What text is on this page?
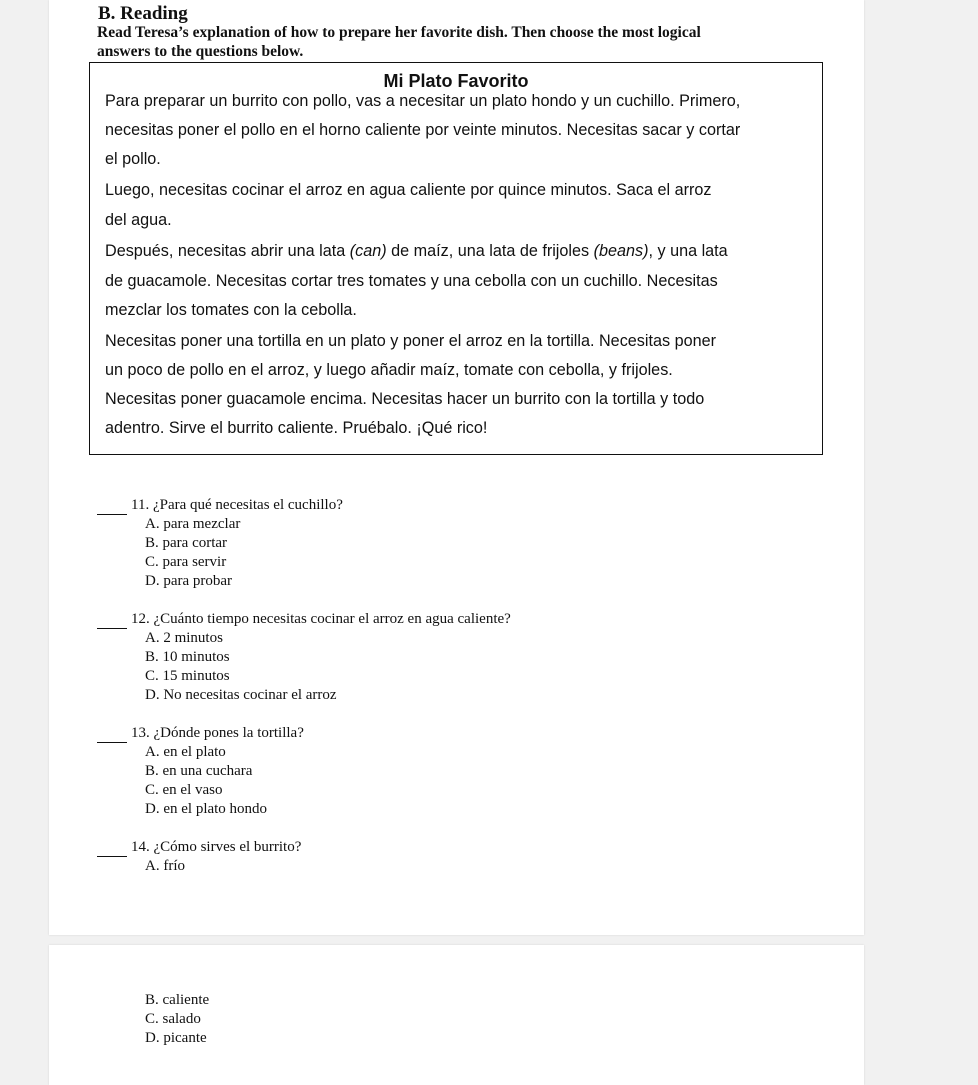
B. Reading
Read Teresa’s explanation of how to prepare her favorite dish. Then choose the most logical
answers to the questions below.
Mi Plato Favorito
Para preparar un burrito con pollo, vas a necesitar un plato hondo y un cuchillo. Primero,
necesitas poner el pollo en el horno caliente por veinte minutos. Necesitas sacar y cortar
el pollo.
Luego, necesitas cocinar el arroz en agua caliente por quince minutos. Saca el arroz
del agua.
Después, necesitas abrir una lata (can) de maíz, una lata de frijoles (beans), y una lata
de guacamole. Necesitas cortar tres tomates y una cebolla con un cuchillo. Necesitas
mezclar los tomates con la cebolla.
Necesitas poner una tortilla en un plato y poner el arroz en la tortilla. Necesitas poner
un poco de pollo en el arroz, y luego añadir maíz, tomate con cebolla, y frijoles.
Necesitas poner guacamole encima. Necesitas hacer un burrito con la tortilla y todo
adentro. Sirve el burrito caliente. Pruébalo. ¡Qué rico!
11. ¿Para qué necesitas el cuchillo?
A. para mezclar
B. para cortar
C. para servir
D. para probar
12. ¿Cuánto tiempo necesitas cocinar el arroz en agua caliente?
A. 2 minutos
B. 10 minutos
C. 15 minutos
D. No necesitas cocinar el arroz
13. ¿Dónde pones la tortilla?
A. en el plato
B. en una cuchara
C. en el vaso
D. en el plato hondo
14. ¿Cómo sirves el burrito?
A. frío
B. caliente
C. salado
D. picante
